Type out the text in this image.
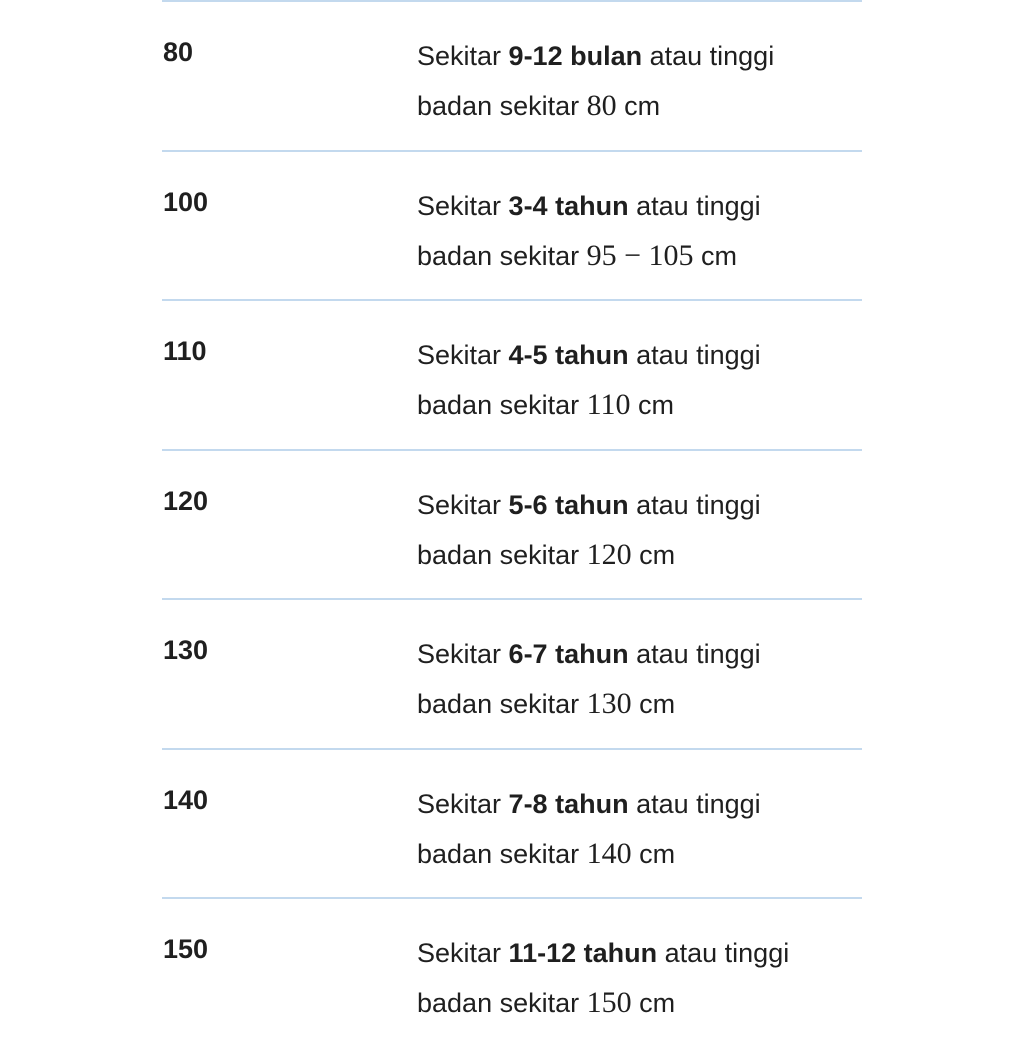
80	Sekitar 9-12 bulan atau tinggi
badan sekitar 80 cm
100	Sekitar 3-4 tahun atau tinggi
badan sekitar 95 − 105 cm
110	Sekitar 4-5 tahun atau tinggi
badan sekitar 110 cm
120	Sekitar 5-6 tahun atau tinggi
badan sekitar 120 cm
130	Sekitar 6-7 tahun atau tinggi
badan sekitar 130 cm
140	Sekitar 7-8 tahun atau tinggi
badan sekitar 140 cm
150	Sekitar 11-12 tahun atau tinggi
badan sekitar 150 cm
